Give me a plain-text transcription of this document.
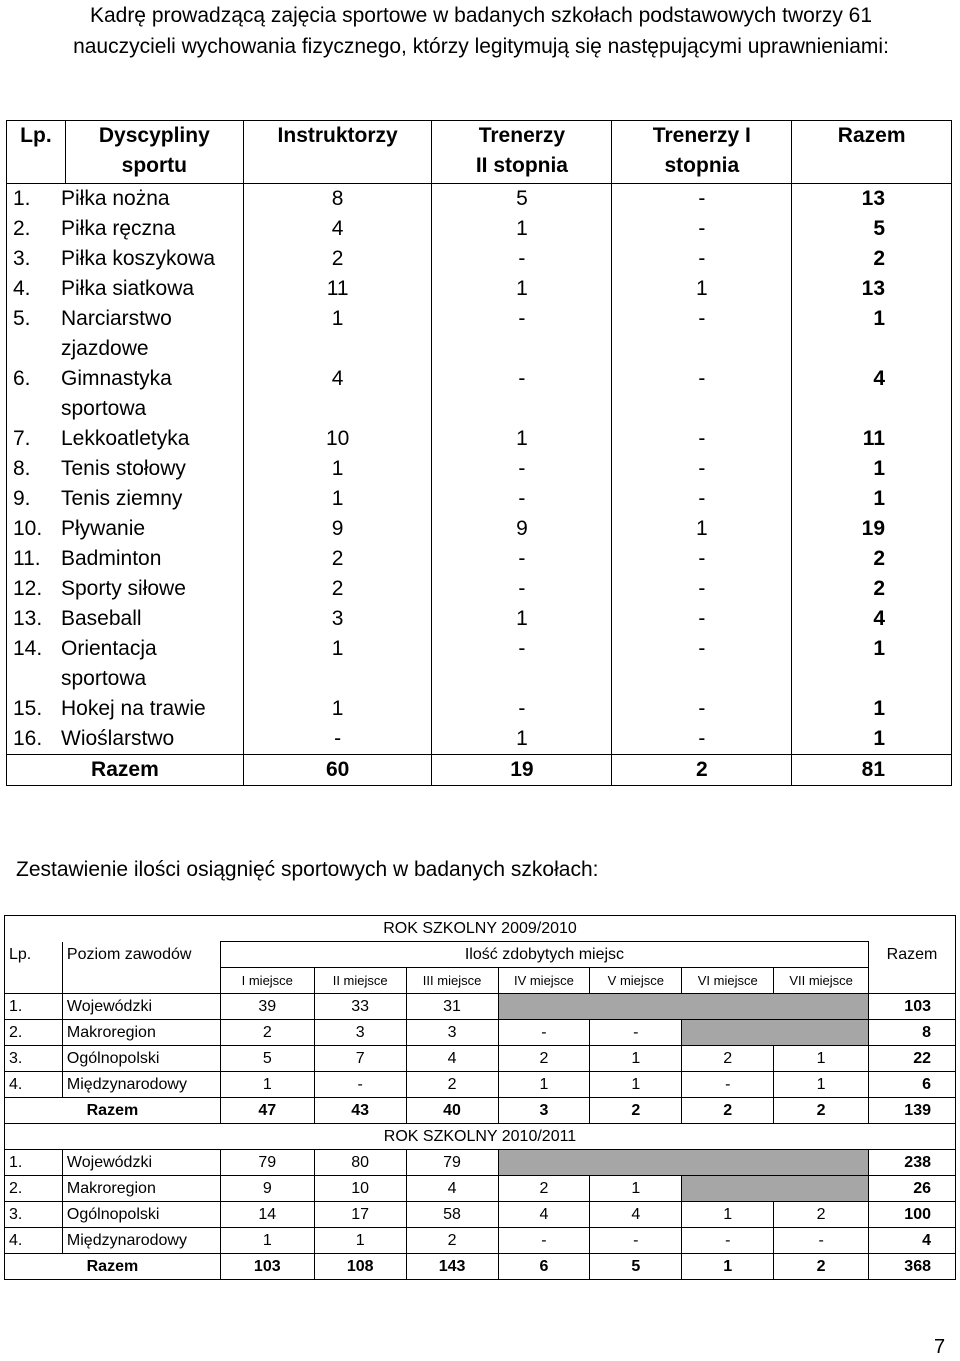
Kadrę prowadzącą zajęcia sportowe w badanych szkołach podstawowych tworzy 61
nauczycieli wychowania fizycznego, którzy legitymują się następującymi uprawnieniami:
Lp.	Dyscypliny sportu	Instruktorzy	Trenerzy II stopnia	Trenerzy I stopnia	Razem
1. Piłka nożna		8	5	-	13
2. Piłka ręczna		4	1	-	5
3. Piłka koszykowa		2	-	-	2
4. Piłka siatkowa		11	1	1	13
5. Narciarstwo zjazdowe		1	-	-	1
6. Gimnastyka sportowa		4	-	-	4
7. Lekkoatletyka		10	1	-	11
8. Tenis stołowy		1	-	-	1
9. Tenis ziemny		1	-	-	1
10. Pływanie		9	9	1	19
11. Badminton		2	-	-	2
12. Sporty siłowe		2	-	-	2
13. Baseball		3	1	-	4
14. Orientacja sportowa		1	-	-	1
15. Hokej na trawie		1	-	-	1
16. Wioślarstwo		-	1	-	1
Razem		60	19	2	81
Zestawienie ilości osiągnięć sportowych w badanych szkołach:
ROK SZKOLNY 2009/2010									
Lp.	Poziom zawodów	Ilość zdobytych miejsc							Razem
		I miejsce	II miejsce	III miejsce	IV miejsce	V miejsce	VI miejsce	VII miejsce	
1.	Wojewódzki	39	33	31					103
2.	Makroregion	2	3	3	-	-			8
3.	Ogólnopolski	5	7	4	2	1	2	1	22
4.	Międzynarodowy	1	-	2	1	1	-	1	6
Razem		47	43	40	3	2	2	2	139
ROK SZKOLNY 2010/2011									
1.	Wojewódzki	79	80	79					238
2.	Makroregion	9	10	4	2	1			26
3.	Ogólnopolski	14	17	58	4	4	1	2	100
4.	Międzynarodowy	1	1	2	-	-	-	-	4
Razem		103	108	143	6	5	1	2	368
7
